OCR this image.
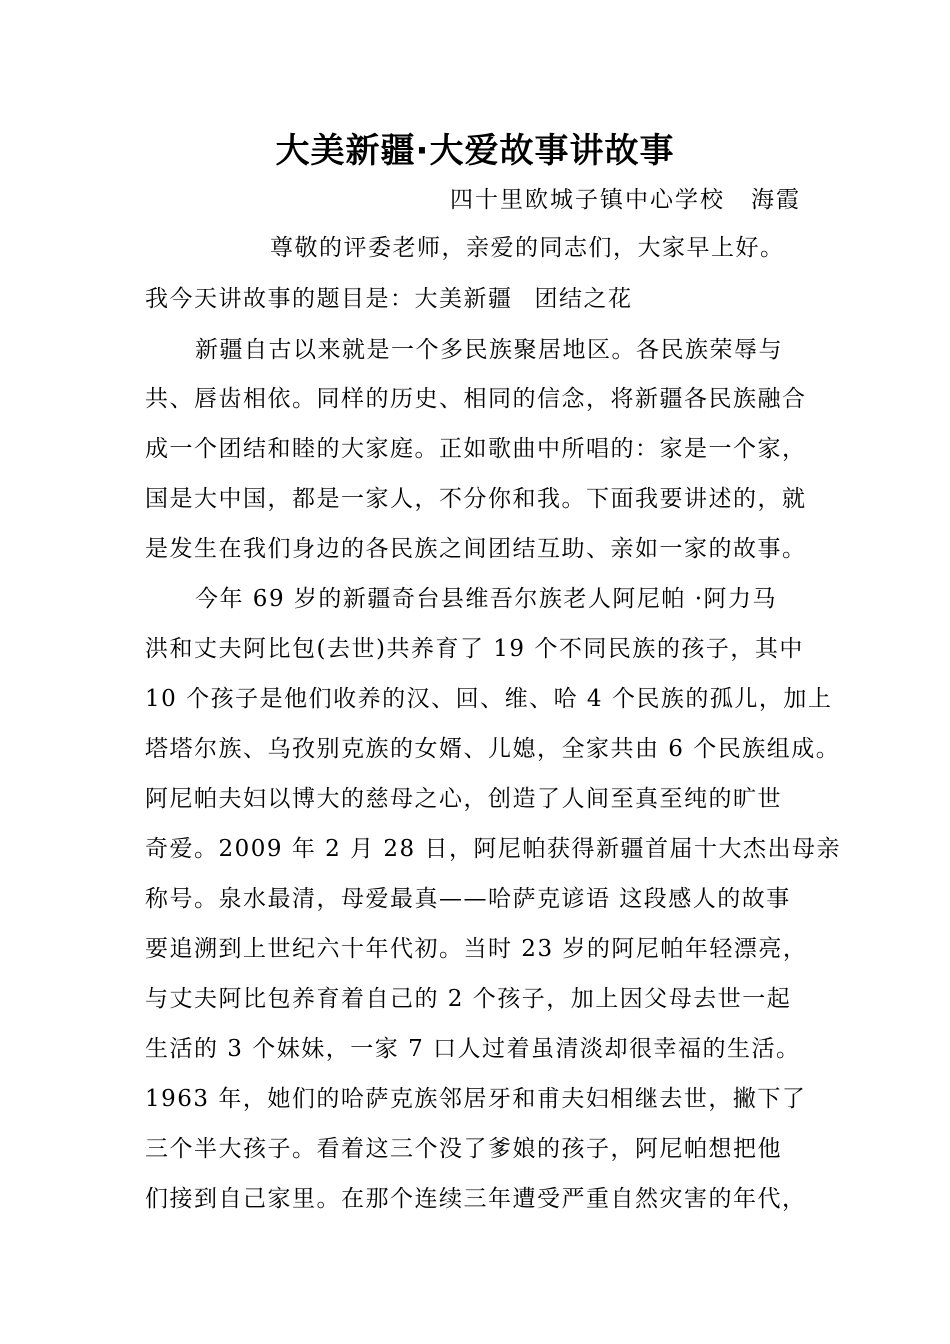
大美新疆·大爱故事讲故事
四十里欧城子镇中心学校 海霞
尊敬的评委老师，亲爱的同志们，大家早上好。
我今天讲故事的题目是：大美新疆 团结之花
新疆自古以来就是一个多民族聚居地区。各民族荣辱与
共、唇齿相依。同样的历史、相同的信念，将新疆各民族融合
成一个团结和睦的大家庭。正如歌曲中所唱的：家是一个家，
国是大中国，都是一家人，不分你和我。下面我要讲述的，就
是发生在我们身边的各民族之间团结互助、亲如一家的故事。
今年 69 岁的新疆奇台县维吾尔族老人阿尼帕 ·阿力马
洪和丈夫阿比包(去世)共养育了 19 个不同民族的孩子，其中
10 个孩子是他们收养的汉、回、维、哈 4 个民族的孤儿，加上
塔塔尔族、乌孜别克族的女婿、儿媳，全家共由 6 个民族组成。
阿尼帕夫妇以博大的慈母之心，创造了人间至真至纯的旷世
奇爱。2009 年 2 月 28 日，阿尼帕获得新疆首届十大杰出母亲
称号。泉水最清，母爱最真——哈萨克谚语 这段感人的故事
要追溯到上世纪六十年代初。当时 23 岁的阿尼帕年轻漂亮，
与丈夫阿比包养育着自己的 2 个孩子，加上因父母去世一起
生活的 3 个妹妹，一家 7 口人过着虽清淡却很幸福的生活。
1963 年，她们的哈萨克族邻居牙和甫夫妇相继去世，撇下了
三个半大孩子。看着这三个没了爹娘的孩子，阿尼帕想把他
们接到自己家里。在那个连续三年遭受严重自然灾害的年代，
